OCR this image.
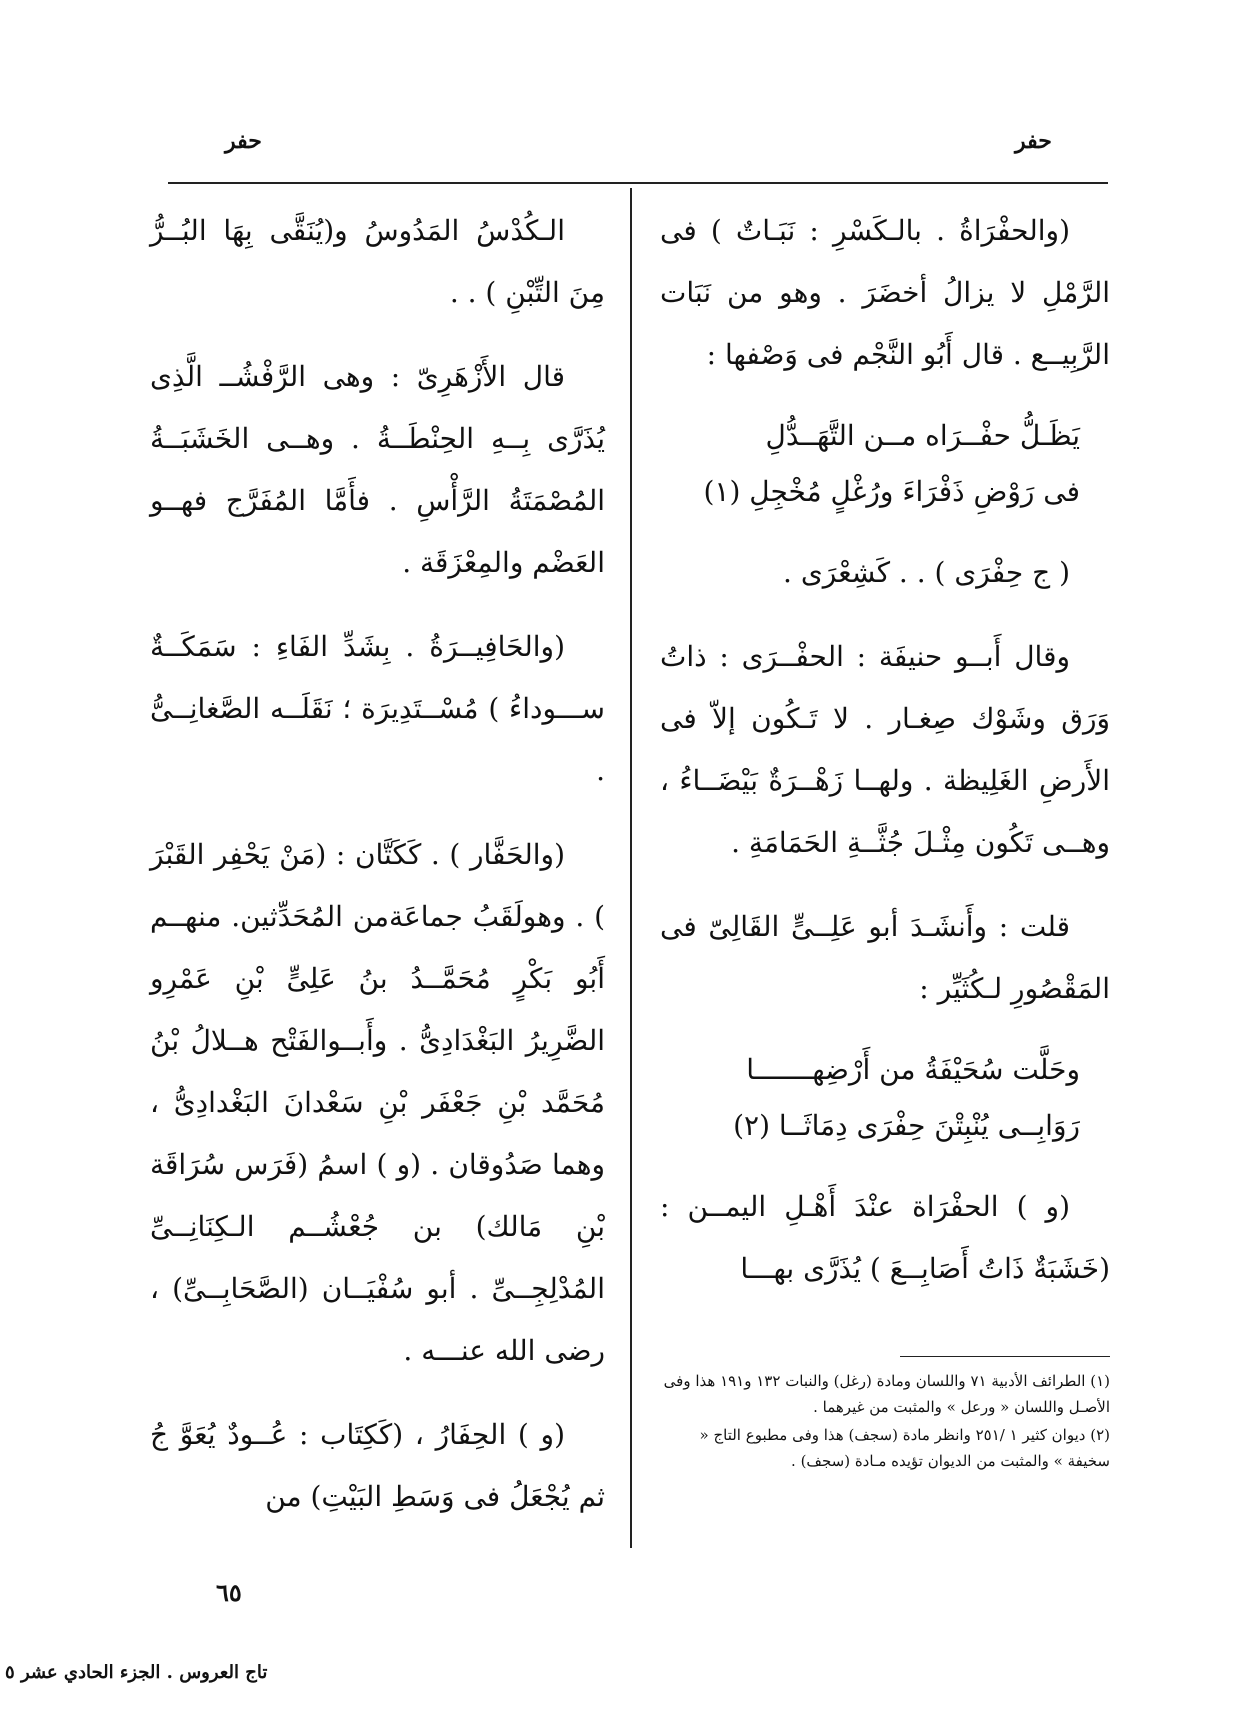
حفر
حفر

(والحفْرَاةُ . بالـكَسْرِ : نَبَـاتٌ ) فى الرَّمْلِ لا يزالُ أخضَرَ . وهو من نَبَات الرَّبِيــع . قال أَبُو النَّجْم فى وَصْفها :

يَظَـلُّ حفْــرَاه مــن التَّهَــدُّلِ
فى رَوْضِ ذَفْرَاءَ ورُغْلٍ مُخْجِلِ (١)

( ج حِفْرَى ) . . كَشِعْرَى .

وقال أَبــو حنيفَة : الحفْــرَى : ذاتُ وَرَق وشَوْك صِغـار . لا تَـكُون إلاّ فى الأَرضِ الغَلِيظة . ولهــا زَهْــرَةٌ بَيْضَــاءُ ، وهــى تَكُون مِثْـلَ جُثَّــةِ الحَمَامَةِ .

قلت : وأَنشَـدَ أبو عَلِــىٍّ القَالِىّ فى المَقْصُورِ لـكُثَيِّر :

وحَلَّت سُحَيْفَةُ من أَرْضِهـــــــا
رَوَابِــى يُنْبِتْنَ حِفْرَى دِمَاثَــا (٢)

(و ) الحفْرَاة عنْدَ أَهْـلِ اليمــن : (خَشَبَةٌ ذَاتُ أَصَابِــعَ ) يُذَرَّى بهـــا

(١) الطرائف الأدبية ٧١ واللسان ومادة (رغل) والنبات ١٣٢ و١٩١ هذا وفى الأصـل واللسان « ورعل » والمثبت من غيرهما .

(٢) ديوان كثير ١ /٢٥١ وانظر مادة (سجف) هذا وفى مطبوع التاج « سخيفة » والمثبت من الديوان تؤيده مـادة (سجف) .

الـكُدْسُ المَدُوسُ و(يُنَقَّى بِهَا البُــرُّ مِنَ التِّبْنِ ) . .

قال الأَزْهَرِىّ : وهى الرَّفْشُــ الَّذِى يُذَرَّى بِــهِ الحِنْطَــةُ . وهــى الخَشَبَــةُ المُصْمَتَةُ الرَّأْسِ . فأَمَّا المُفَرَّج فهــو العَضْم والمِعْزَقَة .

(والحَافِيــرَةُ . بِشَدِّ الفَاءِ : سَمَكَــةٌ ســـوداءُ ) مُسْــتَدِيرَة ؛ نَقَلَــه الصَّغانِــىُّ .

(والحَفَّار ) . كَكَتَّان : (مَنْ يَحْفِر القَبْرَ ) . وهولَقَبُ جماعَةمن المُحَدِّثين. منهــم أَبُو بَكْرٍ مُحَمَّــدُ بنُ عَلِىٍّ بْنِ عَمْرِو الضَّرِيرُ البَغْدَادِىُّ . وأَبــوالفَتْح هــلالُ بْنُ مُحَمَّد بْنِ جَعْفَر بْنِ سَعْدانَ البَغْدادِىُّ ، وهما صَدُوقان . (و ) اسمُ (فَرَس سُرَاقَة بْنِ مَالك) بن جُعْشُــم الـكِنَانِــىِّ المُدْلِجِــىِّ . أبو سُفْيَــان (الصَّحَابِــىِّ) ، رضى الله عنـــه .

(و ) الحِفَارُ ، (كَكِتَاب : عُــودٌ يُعَوَّ جُ ثم يُجْعَلُ فى وَسَطِ البَيْتِ) من

٦٥
تاج العروس . الجزء الحادي عشر ٥
